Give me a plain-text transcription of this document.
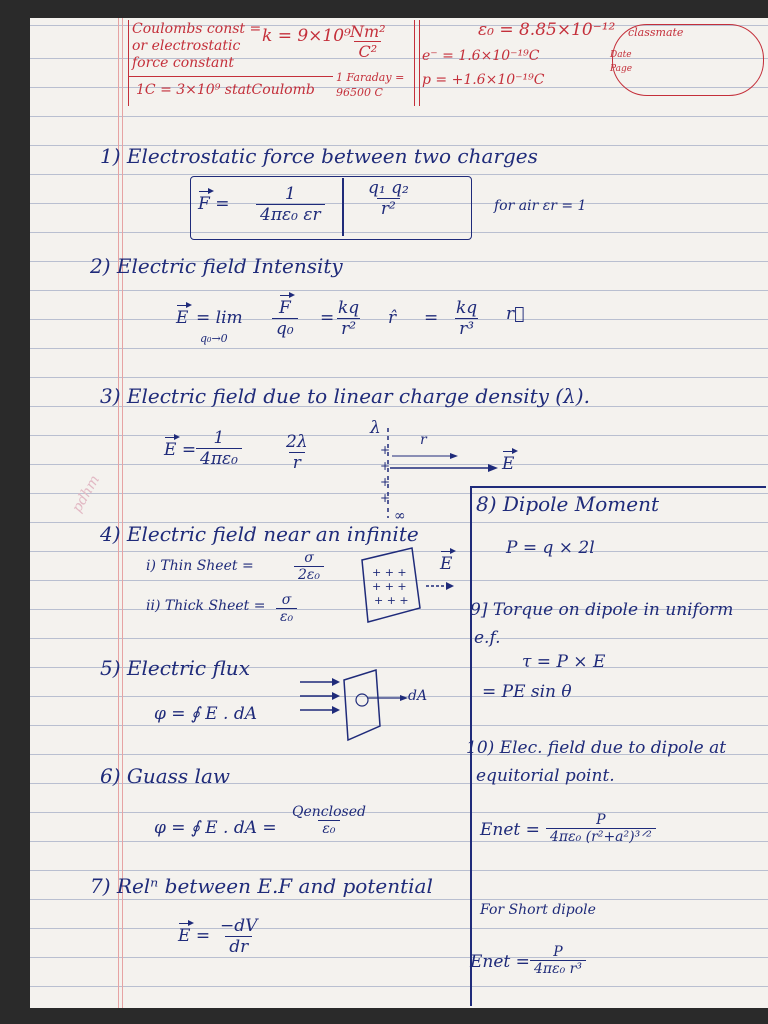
Coulombs const =
or electrostatic
force constant
k = 9×10⁹
$\frac{\text{Nm²}}{\text{C²}}$
1C = 3×10⁹ statCoulomb
1 Faraday = 96500 C
ε₀ = 8.85×10⁻¹²
e⁻ = 1.6×10⁻¹⁹C
p = +1.6×10⁻¹⁹C
classmate
Date
Page
1) Electrostatic force between two charges
$F = \frac{1}{\text{4πε₀ εr}} \frac{\text{q₁ q₂}}{\text{r²}}$	for air εr = 1
2) Electric field Intensity
E = lim
q₀→0	$\frac{F}{\text{q₀}} = \frac{kq}{\text{r²}}$ r̂ = $\frac{kq}{\text{r³}}$ r⃗
3) Electric field due to linear charge density (λ).
$E = \frac{1}{\text{4πε₀}} \frac{2\lambda}{r}$
λ
+
+
+
+
r
E
∞
4) Electric field near an infinite
i) Thin Sheet =	$\frac{\sigma}{\text{2ε₀}}$
ii) Thick Sheet = $\frac{\sigma}{\text{ε₀}}$
+ + +
+ + +
+ + +
E
5) Electric flux
φ = ∮ E . dA
dA
6) Guass law
φ = ∮ E . dA =
Qenclosed
ε₀
7) Relⁿ between E.F and potential
$E = \frac{-dV}{dr}$
8) Dipole Moment
P = q × 2l
9] Torque on dipole in uniform
e.f.
τ = P × E
= PE sin θ
10) Elec. field due to dipole at
equitorial point.
Enet =	P
4πε₀ (r²+a²)³ᐟ²
For Short dipole
Enet = $\frac{P}{\text{4πε₀ r³}}$
pdhm
